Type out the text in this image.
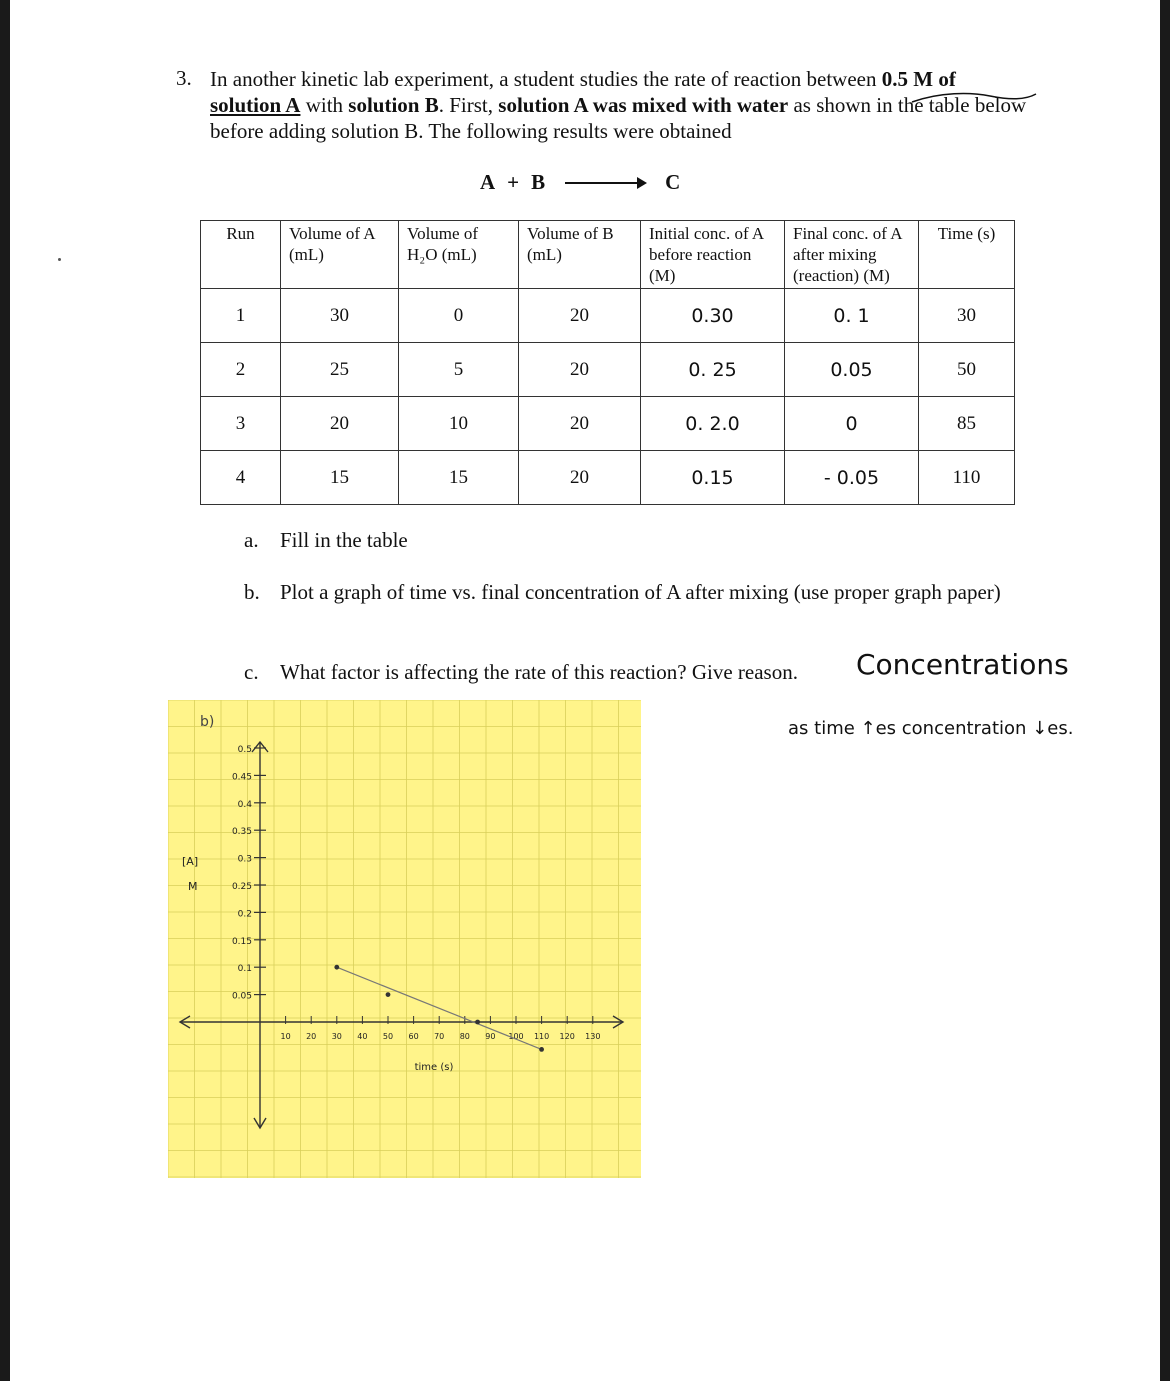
3. In another kinetic lab experiment, a student studies the rate of reaction between 0.5 M of
solution A with solution B. First, solution A was mixed with water as shown in the table below before adding solution B. The following results were obtained
A + B → C
Run	Volume of A (mL)	Volume of H₂O (mL)	Volume of B (mL)	Initial conc. of A before reaction (M)	Final conc. of A after mixing (reaction) (M)	Time (s)
1	30	0	20	0.30	0. 1	30
2	25	5	20	0. 25	0.05	50
3	20	10	20	0. 2.0	0	85
4	15	15	20	0.15	- 0.05	110
a. Fill in the table
b. Plot a graph of time vs. final concentration of A after mixing (use proper graph paper)
c. What factor is affecting the rate of this reaction? Give reason. Concentrations
as time ↑es concentration ↓es.
0.5
0.45
0.4
0.35
0.3
0.25
0.2
0.15
0.1
0.05
10 20 30 40 50 60 70 80 90 100 110 120 130
b)
[A]
M
time (s)
